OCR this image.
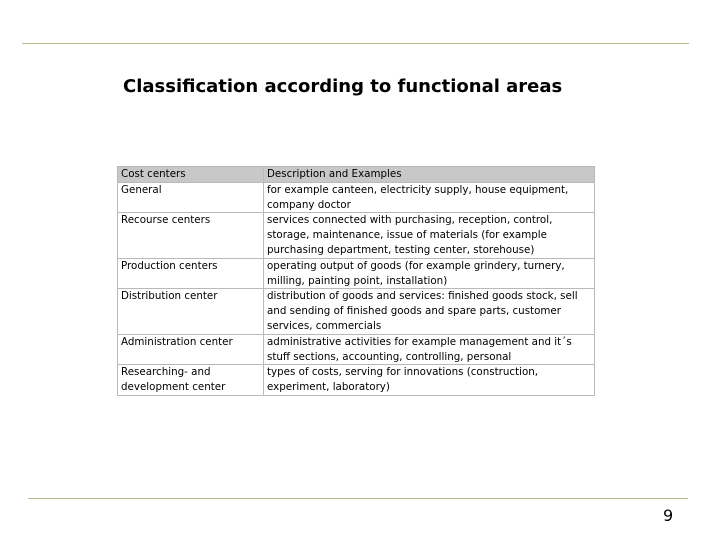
Classification according to functional areas
Cost centers	Description and Examples
General	for example canteen, electricity supply, house equipment, company doctor
Recourse centers	services connected with purchasing, reception, control, storage, maintenance, issue of materials (for example purchasing department, testing center, storehouse)
Production centers	operating output of goods (for example grindery, turnery, milling, painting point, installation)
Distribution center	distribution of goods and services: finished goods stock, sell and sending of finished goods and spare parts, customer services, commercials
Administration center	administrative activities for example management and it´s stuff sections, accounting, controlling, personal
Researching- and development center	types of costs, serving for innovations (construction, experiment, laboratory)
9
